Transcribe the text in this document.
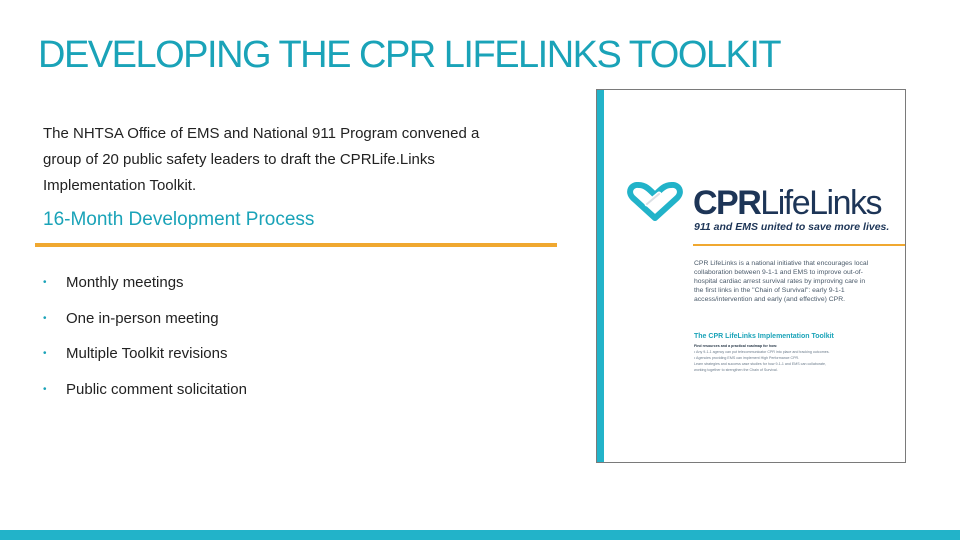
DEVELOPING THE CPR LIFELINKS TOOLKIT
The NHTSA Office of EMS and National 911 Program convened a
group of 20 public safety leaders to draft the CPRLife.Links
Implementation Toolkit.
16-Month Development Process
•	Monthly meetings
•	One in-person meeting
•	Multiple Toolkit revisions
•	Public comment solicitation
CPRLifeLinks
911 and EMS united to save more lives.
CPR LifeLinks is a national initiative that encourages local collaboration between 9-1-1 and EMS to improve out-of-hospital cardiac arrest survival rates by improving care in the first links in the "Chain of Survival": early 9-1-1 access/intervention and early (and effective) CPR.
The CPR LifeLinks Implementation Toolkit
Find resources and a practical roadmap for how:
• Any 9-1-1 agency can put telecommunicator CPR into place and tracking outcomes.
• Agencies providing EMS can implement High Performance CPR.
Learn strategies and success case studies for how 9-1-1 and EMS can collaborate,
working together to strengthen the Chain of Survival.
